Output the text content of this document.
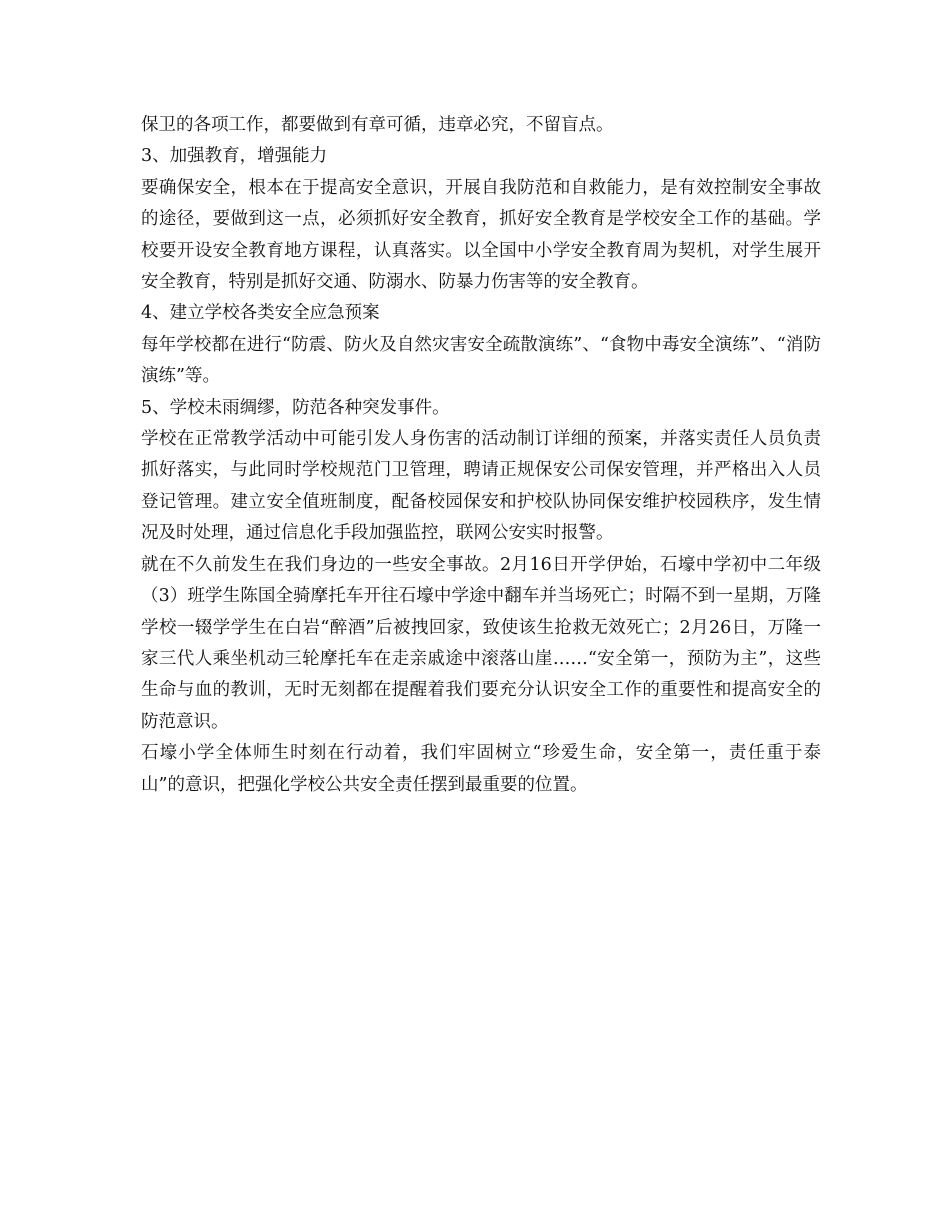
保卫的各项工作，都要做到有章可循，违章必究，不留盲点。

3、加强教育，增强能力

要确保安全，根本在于提高安全意识，开展自我防范和自救能力，是有效控制安全事故的途径，要做到这一点，必须抓好安全教育，抓好安全教育是学校安全工作的基础。学校要开设安全教育地方课程，认真落实。以全国中小学安全教育周为契机，对学生展开安全教育，特别是抓好交通、防溺水、防暴力伤害等的安全教育。

4、建立学校各类安全应急预案

每年学校都在进行“防震、防火及自然灾害安全疏散演练”、“食物中毒安全演练”、“消防演练”等。

5、学校未雨绸缪，防范各种突发事件。

学校在正常教学活动中可能引发人身伤害的活动制订详细的预案，并落实责任人员负责抓好落实，与此同时学校规范门卫管理，聘请正规保安公司保安管理，并严格出入人员登记管理。建立安全值班制度，配备校园保安和护校队协同保安维护校园秩序，发生情况及时处理，通过信息化手段加强监控，联网公安实时报警。

就在不久前发生在我们身边的一些安全事故。2月16日开学伊始，石壕中学初中二年级（3）班学生陈国全骑摩托车开往石壕中学途中翻车并当场死亡；时隔不到一星期，万隆学校一辍学学生在白岩“醉酒”后被拽回家，致使该生抢救无效死亡；2月26日，万隆一家三代人乘坐机动三轮摩托车在走亲戚途中滚落山崖……“安全第一，预防为主”，这些生命与血的教训，无时无刻都在提醒着我们要充分认识安全工作的重要性和提高安全的防范意识。

石壕小学全体师生时刻在行动着，我们牢固树立“珍爱生命，安全第一，责任重于泰山”的意识，把强化学校公共安全责任摆到最重要的位置。
